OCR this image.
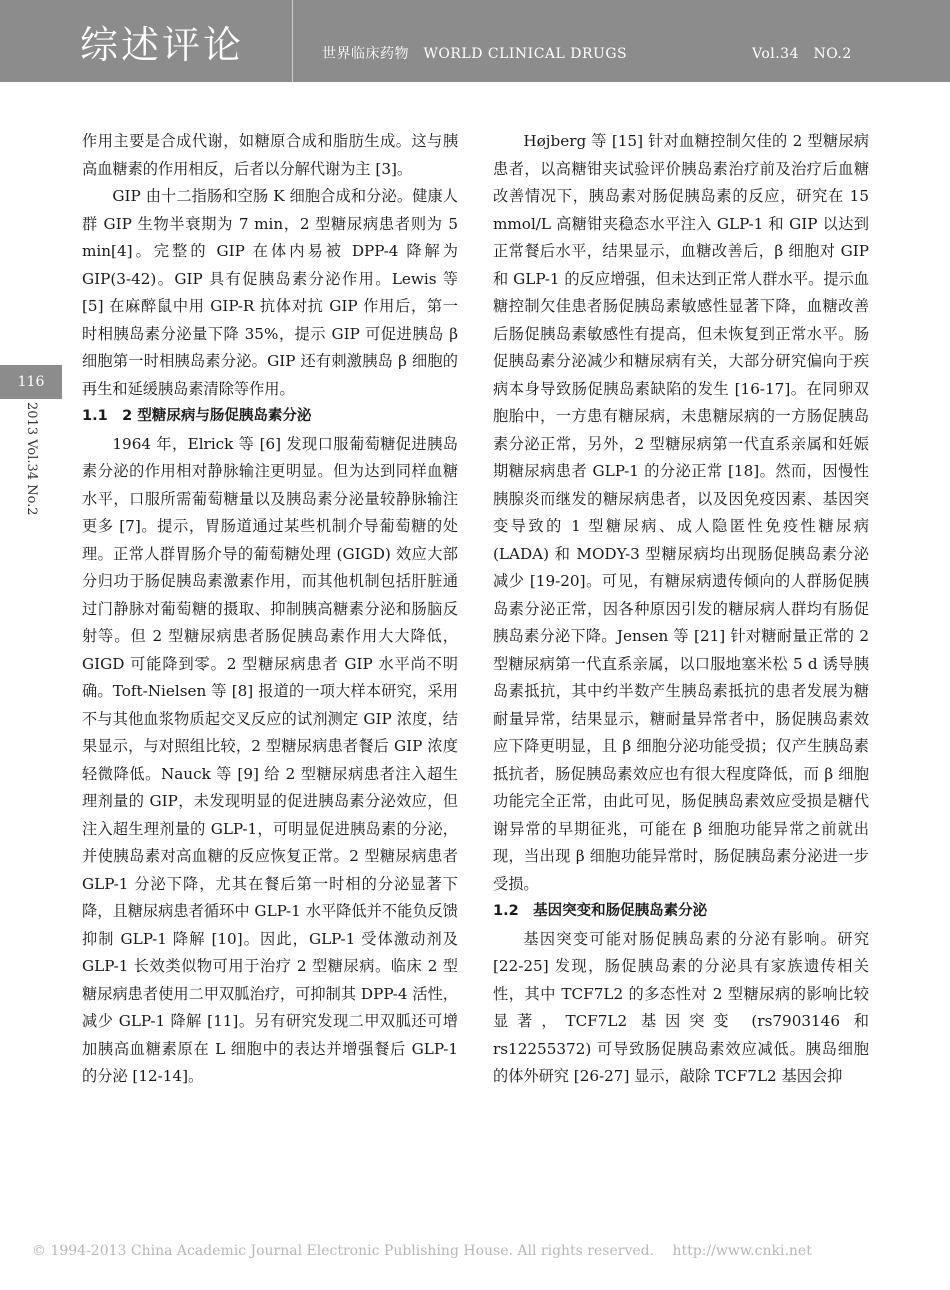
综述评论	世界临床药物　WORLD CLINICAL DRUGS	Vol.34　NO.2
116
2013 Vol.34 No.2

作用主要是合成代谢，如糖原合成和脂肪生成。这与胰高血糖素的作用相反，后者以分解代谢为主 [3]。

GIP 由十二指肠和空肠 K 细胞合成和分泌。健康人群 GIP 生物半衰期为 7 min，2 型糖尿病患者则为 5 min[4]。完整的 GIP 在体内易被 DPP-4 降解为 GIP(3-42)。GIP 具有促胰岛素分泌作用。Lewis 等 [5] 在麻醉鼠中用 GIP-R 抗体对抗 GIP 作用后，第一时相胰岛素分泌量下降 35%，提示 GIP 可促进胰岛 β 细胞第一时相胰岛素分泌。GIP 还有刺激胰岛 β 细胞的再生和延缓胰岛素清除等作用。

1.1　2 型糖尿病与肠促胰岛素分泌

1964 年，Elrick 等 [6] 发现口服葡萄糖促进胰岛素分泌的作用相对静脉输注更明显。但为达到同样血糖水平，口服所需葡萄糖量以及胰岛素分泌量较静脉输注更多 [7]。提示，胃肠道通过某些机制介导葡萄糖的处理。正常人群胃肠介导的葡萄糖处理 (GIGD) 效应大部分归功于肠促胰岛素激素作用，而其他机制包括肝脏通过门静脉对葡萄糖的摄取、抑制胰高糖素分泌和肠脑反射等。但 2 型糖尿病患者肠促胰岛素作用大大降低，GIGD 可能降到零。2 型糖尿病患者 GIP 水平尚不明确。Toft-Nielsen 等 [8] 报道的一项大样本研究，采用不与其他血浆物质起交叉反应的试剂测定 GIP 浓度，结果显示，与对照组比较，2 型糖尿病患者餐后 GIP 浓度轻微降低。Nauck 等 [9] 给 2 型糖尿病患者注入超生理剂量的 GIP，未发现明显的促进胰岛素分泌效应，但注入超生理剂量的 GLP-1，可明显促进胰岛素的分泌，并使胰岛素对高血糖的反应恢复正常。2 型糖尿病患者 GLP-1 分泌下降，尤其在餐后第一时相的分泌显著下降，且糖尿病患者循环中 GLP-1 水平降低并不能负反馈抑制 GLP-1 降解 [10]。因此，GLP-1 受体激动剂及 GLP-1 长效类似物可用于治疗 2 型糖尿病。临床 2 型糖尿病患者使用二甲双胍治疗，可抑制其 DPP-4 活性，减少 GLP-1 降解 [11]。另有研究发现二甲双胍还可增加胰高血糖素原在 L 细胞中的表达并增强餐后 GLP-1 的分泌 [12-14]。

Højberg 等 [15] 针对血糖控制欠佳的 2 型糖尿病患者，以高糖钳夹试验评价胰岛素治疗前及治疗后血糖改善情况下，胰岛素对肠促胰岛素的反应，研究在 15 mmol/L 高糖钳夹稳态水平注入 GLP-1 和 GIP 以达到正常餐后水平，结果显示，血糖改善后，β 细胞对 GIP 和 GLP-1 的反应增强，但未达到正常人群水平。提示血糖控制欠佳患者肠促胰岛素敏感性显著下降，血糖改善后肠促胰岛素敏感性有提高，但未恢复到正常水平。肠促胰岛素分泌减少和糖尿病有关，大部分研究偏向于疾病本身导致肠促胰岛素缺陷的发生 [16-17]。在同卵双胞胎中，一方患有糖尿病，未患糖尿病的一方肠促胰岛素分泌正常，另外，2 型糖尿病第一代直系亲属和妊娠期糖尿病患者 GLP-1 的分泌正常 [18]。然而，因慢性胰腺炎而继发的糖尿病患者，以及因免疫因素、基因突变导致的 1 型糖尿病、成人隐匿性免疫性糖尿病 (LADA) 和 MODY-3 型糖尿病均出现肠促胰岛素分泌减少 [19-20]。可见，有糖尿病遗传倾向的人群肠促胰岛素分泌正常，因各种原因引发的糖尿病人群均有肠促胰岛素分泌下降。Jensen 等 [21] 针对糖耐量正常的 2 型糖尿病第一代直系亲属，以口服地塞米松 5 d 诱导胰岛素抵抗，其中约半数产生胰岛素抵抗的患者发展为糖耐量异常，结果显示，糖耐量异常者中，肠促胰岛素效应下降更明显，且 β 细胞分泌功能受损；仅产生胰岛素抵抗者，肠促胰岛素效应也有很大程度降低，而 β 细胞功能完全正常，由此可见，肠促胰岛素效应受损是糖代谢异常的早期征兆，可能在 β 细胞功能异常之前就出现，当出现 β 细胞功能异常时，肠促胰岛素分泌进一步受损。

1.2　基因突变和肠促胰岛素分泌

基因突变可能对肠促胰岛素的分泌有影响。研究 [22-25] 发现，肠促胰岛素的分泌具有家族遗传相关性，其中 TCF7L2 的多态性对 2 型糖尿病的影响比较显著，TCF7L2 基因突变 (rs7903146 和 rs12255372) 可导致肠促胰岛素效应减低。胰岛细胞的体外研究 [26-27] 显示，敲除 TCF7L2 基因会抑

© 1994-2013 China Academic Journal Electronic Publishing House. All rights reserved.　 http://www.cnki.net
